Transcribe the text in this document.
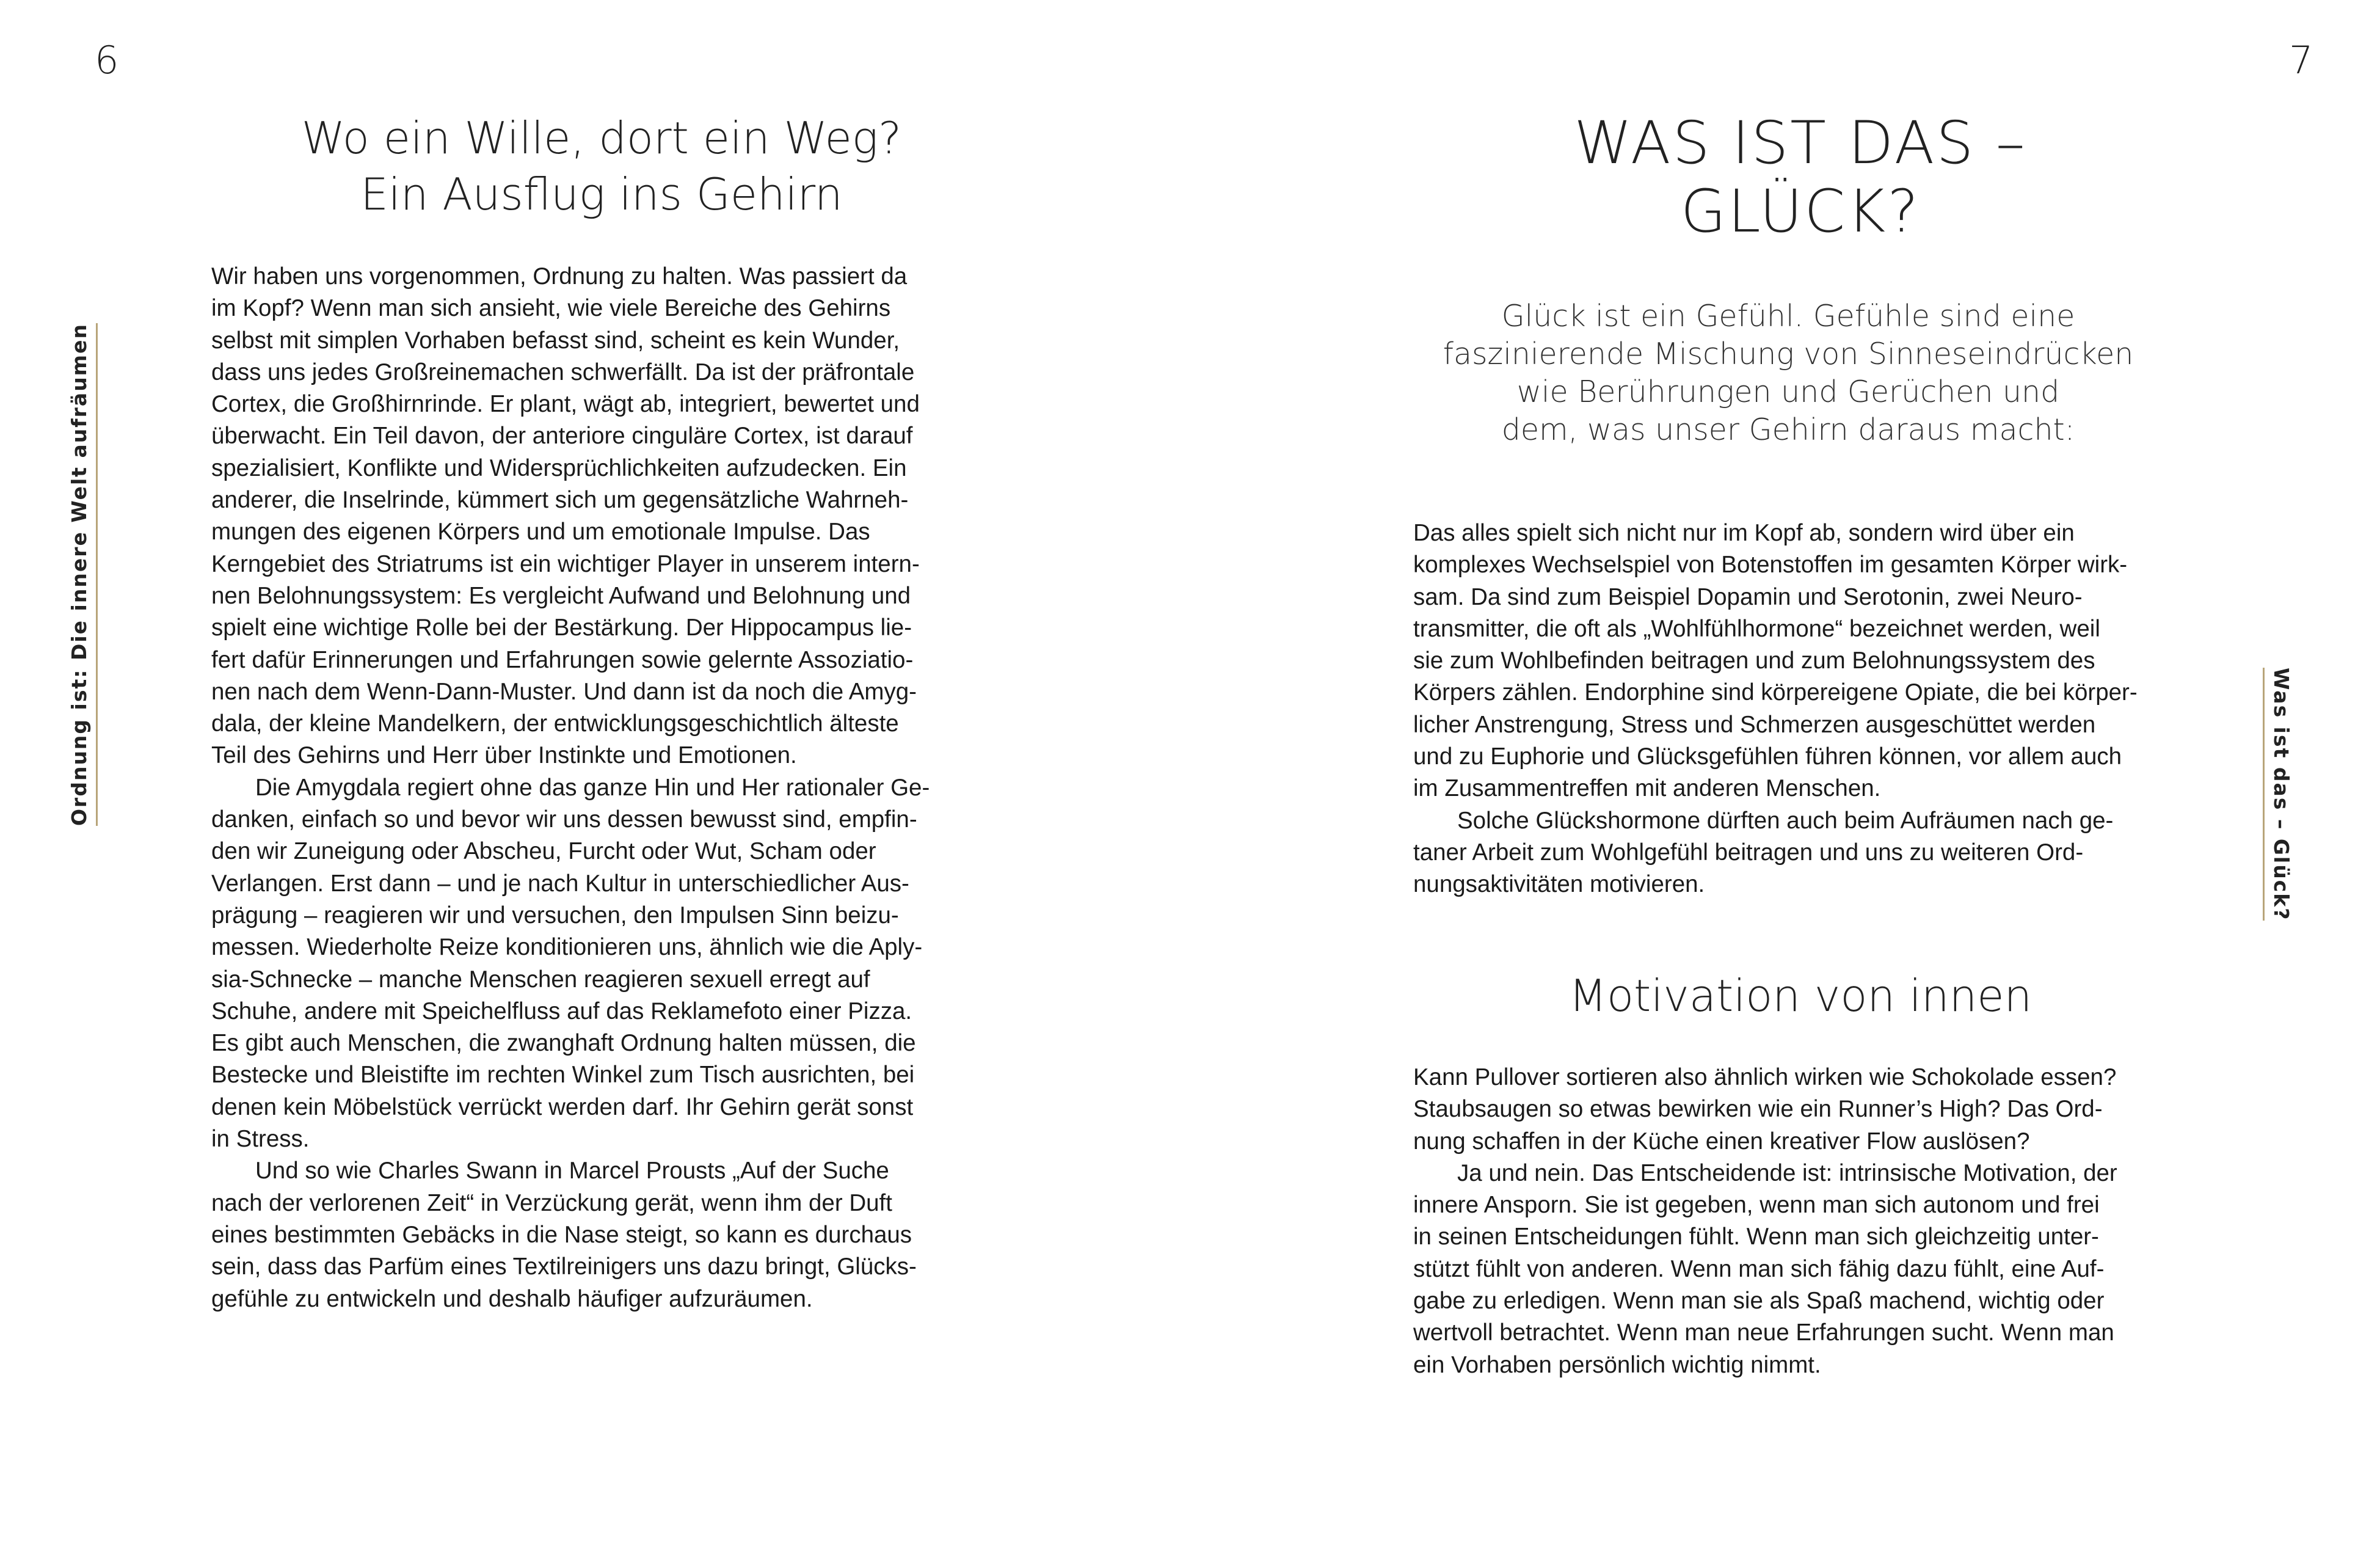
6
Ordnung ist: Die innere Welt aufräumen
Wo ein Wille, dort ein Weg?
Ein Ausflug ins Gehirn
Wir haben uns vorgenommen, Ordnung zu halten. Was passiert da
im Kopf? Wenn man sich ansieht, wie viele Bereiche des Gehirns
selbst mit simplen Vorhaben befasst sind, scheint es kein Wunder,
dass uns jedes Großreinemachen schwerfällt. Da ist der präfrontale
Cortex, die Großhirnrinde. Er plant, wägt ab, integriert, bewertet und
überwacht. Ein Teil davon, der anteriore cinguläre Cortex, ist darauf
spezialisiert, Konflikte und Widersprüchlichkeiten aufzudecken. Ein
anderer, die Inselrinde, kümmert sich um gegensätzliche Wahrneh-
mungen des eigenen Körpers und um emotionale Impulse. Das
Kerngebiet des Striatrums ist ein wichtiger Player in unserem intern-
nen Belohnungssystem: Es vergleicht Aufwand und Belohnung und
spielt eine wichtige Rolle bei der Bestärkung. Der Hippocampus lie-
fert dafür Erinnerungen und Erfahrungen sowie gelernte Assoziatio-
nen nach dem Wenn-Dann-Muster. Und dann ist da noch die Amyg-
dala, der kleine Mandelkern, der entwicklungsgeschichtlich älteste
Teil des Gehirns und Herr über Instinkte und Emotionen.
Die Amygdala regiert ohne das ganze Hin und Her rationaler Ge-
danken, einfach so und bevor wir uns dessen bewusst sind, empfin-
den wir Zuneigung oder Abscheu, Furcht oder Wut, Scham oder
Verlangen. Erst dann – und je nach Kultur in unterschiedlicher Aus-
prägung – reagieren wir und versuchen, den Impulsen Sinn beizu-
messen. Wiederholte Reize konditionieren uns, ähnlich wie die Aply-
sia-Schnecke – manche Menschen reagieren sexuell erregt auf
Schuhe, andere mit Speichelfluss auf das Reklamefoto einer Pizza.
Es gibt auch Menschen, die zwanghaft Ordnung halten müssen, die
Bestecke und Bleistifte im rechten Winkel zum Tisch ausrichten, bei
denen kein Möbelstück verrückt werden darf. Ihr Gehirn gerät sonst
in Stress.
Und so wie Charles Swann in Marcel Prousts „Auf der Suche
nach der verlorenen Zeit“ in Verzückung gerät, wenn ihm der Duft
eines bestimmten Gebäcks in die Nase steigt, so kann es durchaus
sein, dass das Parfüm eines Textilreinigers uns dazu bringt, Glücks-
gefühle zu entwickeln und deshalb häufiger aufzuräumen.
7
Was ist das – Glück?
WAS IST DAS –
GLÜCK?
Glück ist ein Gefühl. Gefühle sind eine
faszinierende Mischung von Sinneseindrücken
wie Berührungen und Gerüchen und
dem, was unser Gehirn daraus macht:
Das alles spielt sich nicht nur im Kopf ab, sondern wird über ein
komplexes Wechselspiel von Botenstoffen im gesamten Körper wirk-
sam. Da sind zum Beispiel Dopamin und Serotonin, zwei Neuro-
transmitter, die oft als „Wohlfühlhormone“ bezeichnet werden, weil
sie zum Wohlbefinden beitragen und zum Belohnungssystem des
Körpers zählen. Endorphine sind körpereigene Opiate, die bei körper-
licher Anstrengung, Stress und Schmerzen ausgeschüttet werden
und zu Euphorie und Glücksgefühlen führen können, vor allem auch
im Zusammentreffen mit anderen Menschen.
Solche Glückshormone dürften auch beim Aufräumen nach ge-
taner Arbeit zum Wohlgefühl beitragen und uns zu weiteren Ord-
nungsaktivitäten motivieren.
Motivation von innen
Kann Pullover sortieren also ähnlich wirken wie Schokolade essen?
Staubsaugen so etwas bewirken wie ein Runner’s High? Das Ord-
nung schaffen in der Küche einen kreativer Flow auslösen?
Ja und nein. Das Entscheidende ist: intrinsische Motivation, der
innere Ansporn. Sie ist gegeben, wenn man sich autonom und frei
in seinen Entscheidungen fühlt. Wenn man sich gleichzeitig unter-
stützt fühlt von anderen. Wenn man sich fähig dazu fühlt, eine Auf-
gabe zu erledigen. Wenn man sie als Spaß machend, wichtig oder
wertvoll betrachtet. Wenn man neue Erfahrungen sucht. Wenn man
ein Vorhaben persönlich wichtig nimmt.
